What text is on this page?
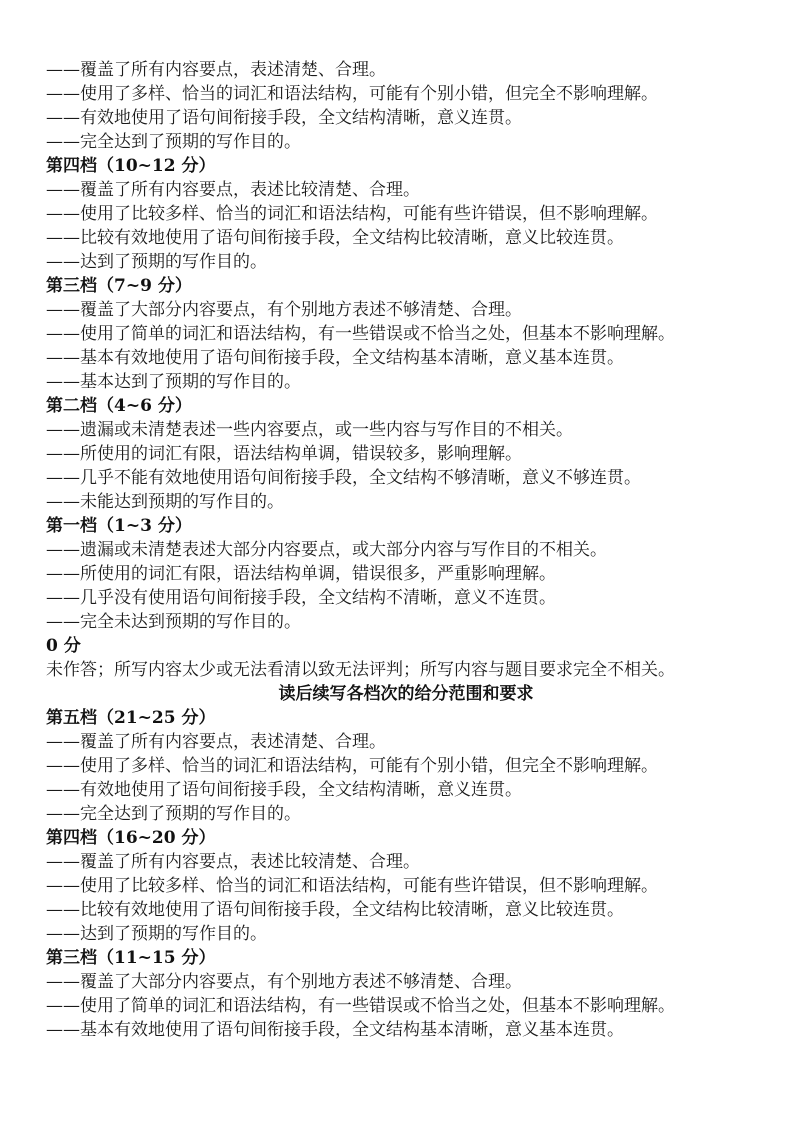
——覆盖了所有内容要点，表述清楚、合理。
——使用了多样、恰当的词汇和语法结构，可能有个别小错，但完全不影响理解。
——有效地使用了语句间衔接手段，全文结构清晰，意义连贯。
——完全达到了预期的写作目的。
第四档（10~12 分）
——覆盖了所有内容要点，表述比较清楚、合理。
——使用了比较多样、恰当的词汇和语法结构，可能有些许错误，但不影响理解。
——比较有效地使用了语句间衔接手段，全文结构比较清晰，意义比较连贯。
——达到了预期的写作目的。
第三档（7~9 分）
——覆盖了大部分内容要点，有个别地方表述不够清楚、合理。
——使用了简单的词汇和语法结构，有一些错误或不恰当之处，但基本不影响理解。
——基本有效地使用了语句间衔接手段，全文结构基本清晰，意义基本连贯。
——基本达到了预期的写作目的。
第二档（4~6 分）
——遗漏或未清楚表述一些内容要点，或一些内容与写作目的不相关。
——所使用的词汇有限，语法结构单调，错误较多，影响理解。
——几乎不能有效地使用语句间衔接手段，全文结构不够清晰，意义不够连贯。
——未能达到预期的写作目的。
第一档（1~3 分）
——遗漏或未清楚表述大部分内容要点，或大部分内容与写作目的不相关。
——所使用的词汇有限，语法结构单调，错误很多，严重影响理解。
——几乎没有使用语句间衔接手段，全文结构不清晰，意义不连贯。
——完全未达到预期的写作目的。
0 分
未作答；所写内容太少或无法看清以致无法评判；所写内容与题目要求完全不相关。
读后续写各档次的给分范围和要求
第五档（21~25 分）
——覆盖了所有内容要点，表述清楚、合理。
——使用了多样、恰当的词汇和语法结构，可能有个别小错，但完全不影响理解。
——有效地使用了语句间衔接手段，全文结构清晰，意义连贯。
——完全达到了预期的写作目的。
第四档（16~20 分）
——覆盖了所有内容要点，表述比较清楚、合理。
——使用了比较多样、恰当的词汇和语法结构，可能有些许错误，但不影响理解。
——比较有效地使用了语句间衔接手段，全文结构比较清晰，意义比较连贯。
——达到了预期的写作目的。
第三档（11~15 分）
——覆盖了大部分内容要点，有个别地方表述不够清楚、合理。
——使用了简单的词汇和语法结构，有一些错误或不恰当之处，但基本不影响理解。
——基本有效地使用了语句间衔接手段，全文结构基本清晰，意义基本连贯。
